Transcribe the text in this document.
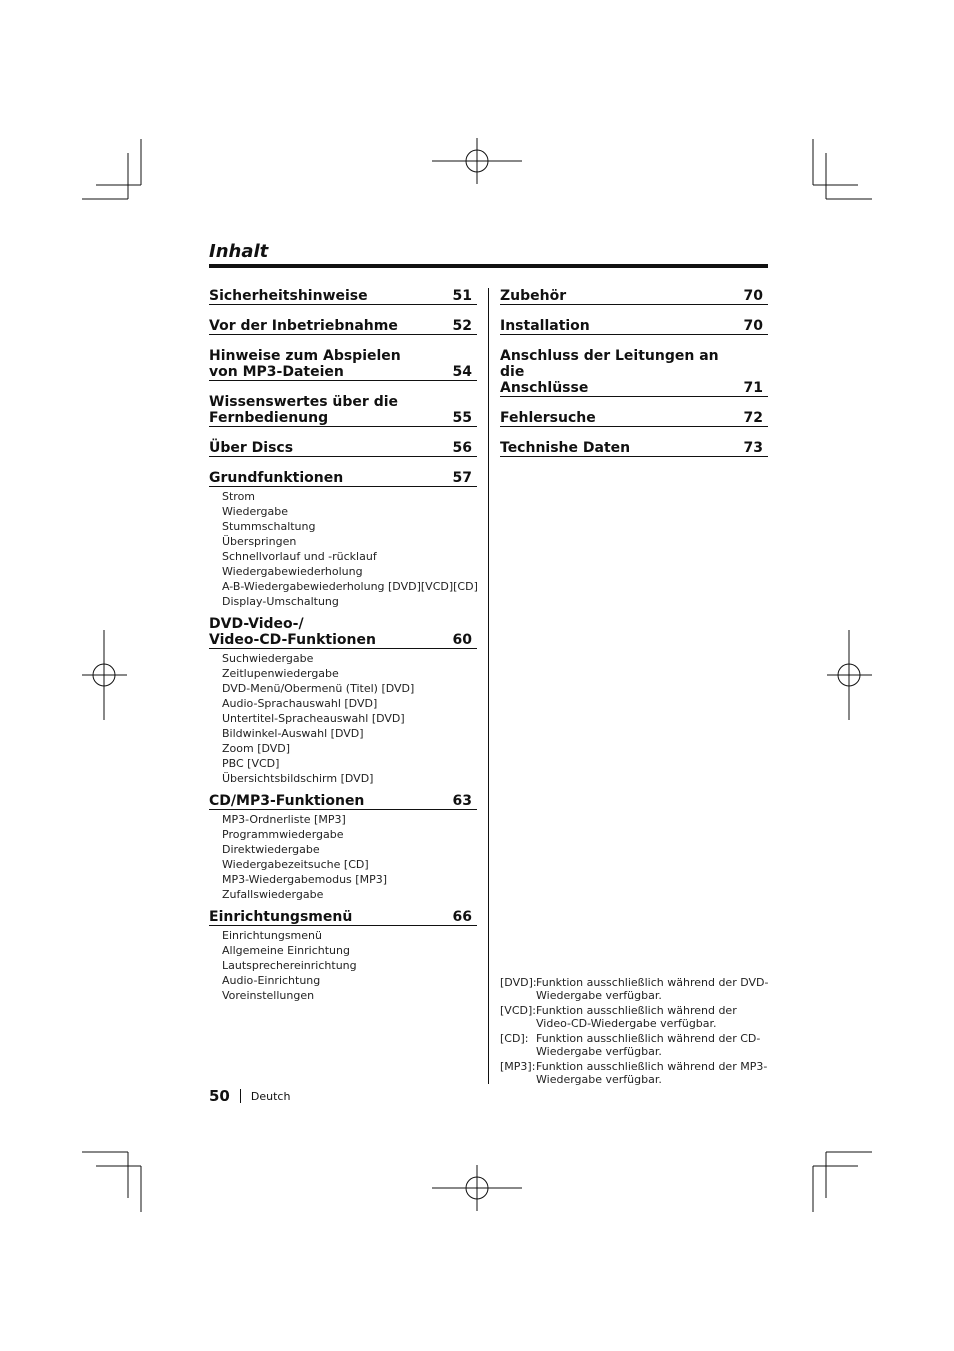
Inhalt
Sicherheitshinweise	51
Vor der Inbetriebnahme	52
Hinweise zum Abspielen
von MP3-Dateien	54
Wissenswertes über die
Fernbedienung	55
Über Discs	56
Grundfunktionen	57
Strom
Wiedergabe
Stummschaltung
Überspringen
Schnellvorlauf und -rücklauf
Wiedergabewiederholung
A-B-Wiedergabewiederholung [DVD][VCD][CD]
Display-Umschaltung
DVD-Video-/
Video-CD-Funktionen	60
Suchwiedergabe
Zeitlupenwiedergabe
DVD-Menü/Obermenü (Titel) [DVD]
Audio-Sprachauswahl [DVD]
Untertitel-Spracheauswahl [DVD]
Bildwinkel-Auswahl [DVD]
Zoom [DVD]
PBC [VCD]
Übersichtsbildschirm [DVD]
CD/MP3-Funktionen	63
MP3-Ordnerliste [MP3]
Programmwiedergabe
Direktwiedergabe
Wiedergabezeitsuche [CD]
MP3-Wiedergabemodus [MP3]
Zufallswiedergabe
Einrichtungsmenü	66
Einrichtungsmenü
Allgemeine Einrichtung
Lautsprechereinrichtung
Audio-Einrichtung
Voreinstellungen
Zubehör	70
Installation	70
Anschluss der Leitungen an die
Anschlüsse	71
Fehlersuche	72
Technishe Daten	73
[DVD]: Funktion ausschließlich während der DVD-Wiedergabe verfügbar.
[VCD]: Funktion ausschließlich während der Video-CD-Wiedergabe verfügbar.
[CD]: Funktion ausschließlich während der CD-Wiedergabe verfügbar.
[MP3]: Funktion ausschließlich während der MP3-Wiedergabe verfügbar.
50 Deutch
